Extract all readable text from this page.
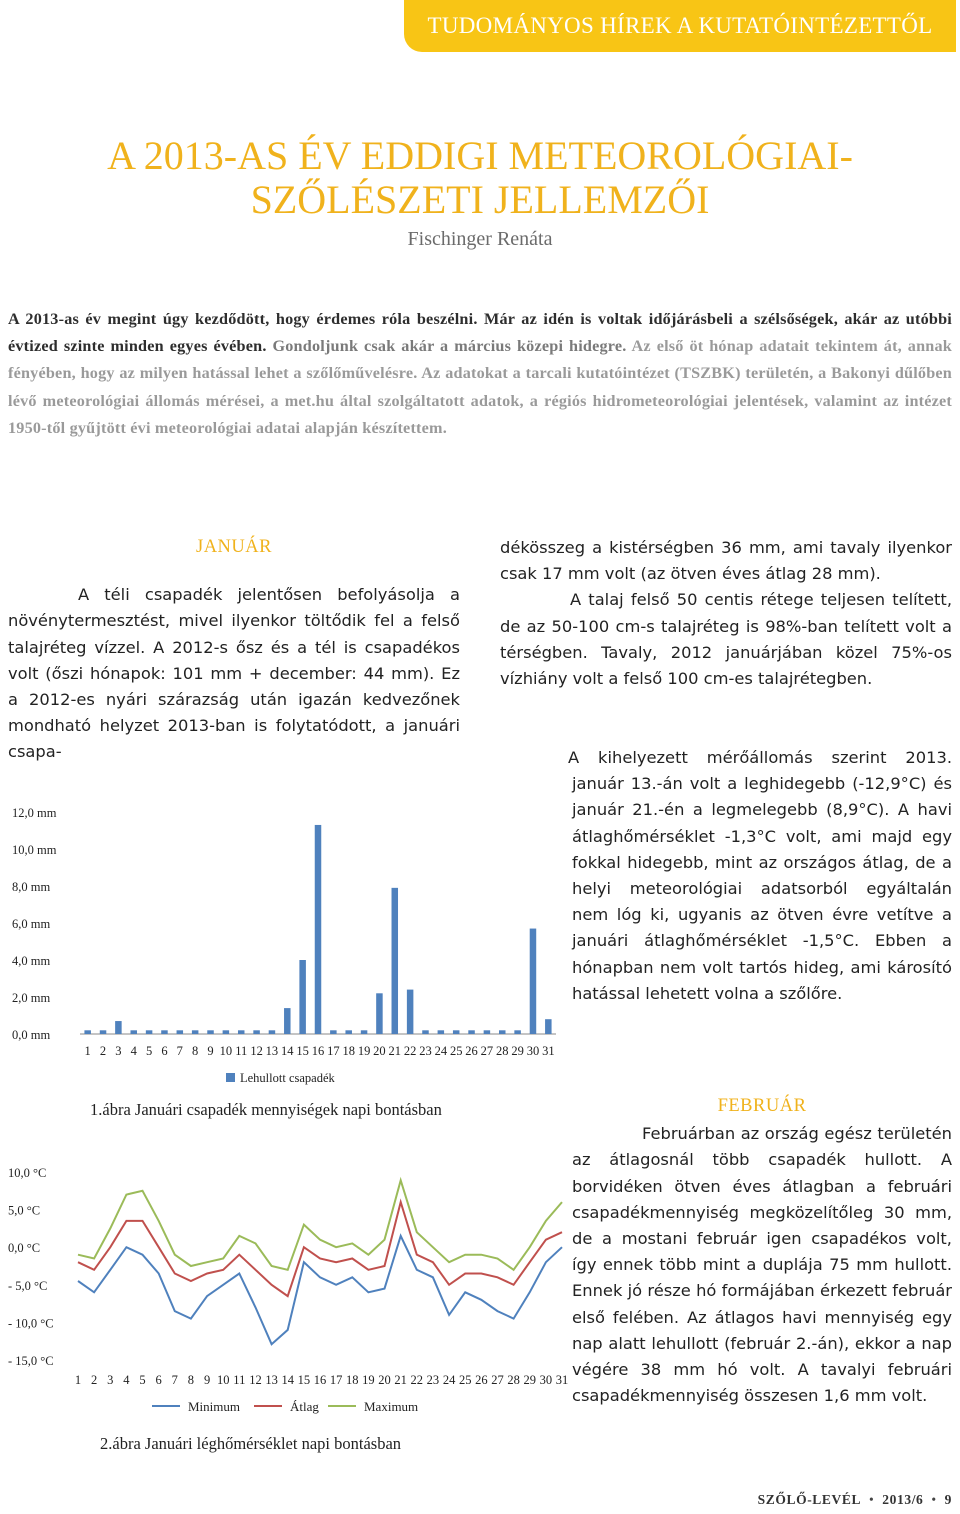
TUDOMÁNYOS HÍREK A KUTATÓINTÉZETTŐL
A 2013-AS ÉV EDDIGI METEOROLÓGIAI-
SZŐLÉSZETI JELLEMZŐI
Fischinger Renáta
A 2013-as év megint úgy kezdődött, hogy érdemes róla beszélni. Már az idén is voltak időjárásbeli a szélsőségek, akár az utóbbi évtized szinte minden egyes évében. Gondoljunk csak akár a március közepi hidegre. Az első öt hónap adatait tekintem át, annak fényében, hogy az milyen hatással lehet a szőlőművelésre. Az adatokat a tarcali kutatóintézet (TSZBK) területén, a Bakonyi dűlőben lévő meteorológiai állomás mérései, a met.hu által szolgáltatott adatok, a régiós hidrometeorológiai jelentések, valamint az intézet 1950-től gyűjtött évi meteorológiai adatai alapján készítettem.
JANUÁR

A téli csapadék jelentősen befolyásolja a növénytermesztést, mivel ilyenkor töltődik fel a felső talajréteg vízzel. A 2012-s ősz és a tél is csapadékos volt (őszi hónapok: 101 mm + december: 44 mm). Ez a 2012-es nyári szárazság után igazán kedvezőnek mondható helyzet 2013-ban is folytatódott, a januári csapa-

dékösszeg a kistérségben 36 mm, ami tavaly ilyenkor csak 17 mm volt (az ötven éves átlag 28 mm).

A talaj felső 50 centis rétege teljesen telített, de az 50-100 cm-s talajréteg is 98%-ban telített volt a térségben. Tavaly, 2012 januárjában közel 75%-os vízhiány volt a felső 100 cm-es talajrétegben.

A kihelyezett mérőállomás szerint 2013. január 13.-án volt a leghidegebb (-12,9°C) és január 21.-én a legmelegebb (8,9°C). A havi átlaghőmérséklet -1,3°C volt, ami majd egy fokkal hidegebb, mint az országos átlag, de a helyi meteorológiai adatsorból egyáltalán nem lóg ki, ugyanis az ötven évre vetítve a januári átlaghőmérséklet -1,5°C. Ebben a hónapban nem volt tartós hideg, ami károsító hatással lehetett volna a szőlőre.

FEBRUÁR

Februárban az ország egész területén az átlagosnál több csapadék hullott. A borvidéken ötven éves átlagban a februári csapadékmennyiség megközelítőleg 30 mm, de a mostani február igen csapadékos volt, így ennek több mint a duplája 75 mm hullott. Ennek jó része hó formájában érkezett február első felében. Az átlagos havi mennyiség egy nap alatt lehullott (február 2.-án), ekkor a nap végére 38 mm hó volt. A tavalyi februári csapadékmennyiség összesen 1,6 mm volt.

12,0 mm
10,0 mm
8,0 mm
6,0 mm
4,0 mm
2,0 mm
0,0 mm
1 2 3 4 5 6 7 8 9 10 11 12 13 14 15 16 17 18 19 20 21 22 23 24 25 26 27 28 29 30 31
Lehullott csapadék
1.ábra Januári csapadék mennyiségek napi bontásban
10,0 °C
5,0 °C
0,0 °C
- 5,0 °C
- 10,0 °C
- 15,0 °C
1 2 3 4 5 6 7 8 9 10 11 12 13 14 15 16 17 18 19 20 21 22 23 24 25 26 27 28 29 30 31
Minimum	Átlag	Maximum
2.ábra Januári léghőmérséklet napi bontásban
SZŐLŐ-LEVÉL  •  2013/6  •  9
